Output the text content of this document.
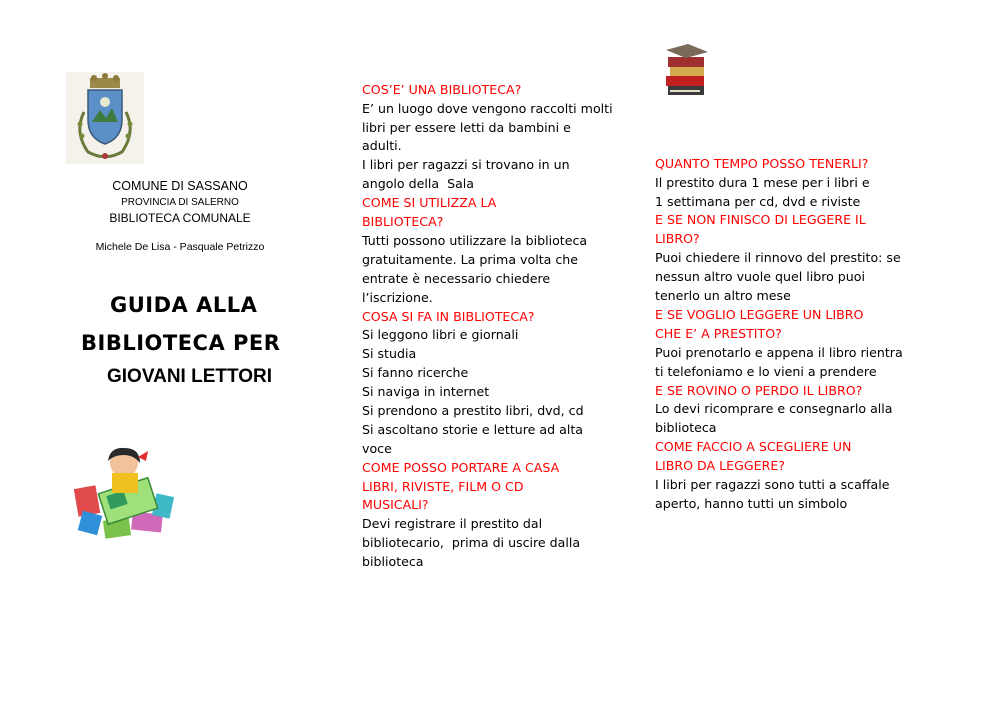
COMUNE DI SASSANO
PROVINCIA DI SALERNO
BIBLIOTECA COMUNALE
Michele De Lisa - Pasquale Petrizzo
GUIDA ALLA
BIBLIOTECA PER
GIOVANI LETTORI

COS’E’ UNA BIBLIOTECA?
E’ un luogo dove vengono raccolti molti
libri per essere letti da bambini e
adulti.
I libri per ragazzi si trovano in un
angolo della  Sala
COME SI UTILIZZA LA
BIBLIOTECA?
Tutti possono utilizzare la biblioteca
gratuitamente. La prima volta che
entrate è necessario chiedere
l’iscrizione.
COSA SI FA IN BIBLIOTECA?
Si leggono libri e giornali
Si studia
Si fanno ricerche
Si naviga in internet
Si prendono a prestito libri, dvd, cd
Si ascoltano storie e letture ad alta
voce
COME POSSO PORTARE A CASA
LIBRI, RIVISTE, FILM O CD
MUSICALI?
Devi registrare il prestito dal
bibliotecario,  prima di uscire dalla
biblioteca

QUANTO TEMPO POSSO TENERLI?
Il prestito dura 1 mese per i libri e
1 settimana per cd, dvd e riviste
E SE NON FINISCO DI LEGGERE IL
LIBRO?
Puoi chiedere il rinnovo del prestito: se
nessun altro vuole quel libro puoi
tenerlo un altro mese
E SE VOGLIO LEGGERE UN LIBRO
CHE E’ A PRESTITO?
Puoi prenotarlo e appena il libro rientra
ti telefoniamo e lo vieni a prendere
E SE ROVINO O PERDO IL LIBRO?
Lo devi ricomprare e consegnarlo alla
biblioteca
COME FACCIO A SCEGLIERE UN
LIBRO DA LEGGERE?
I libri per ragazzi sono tutti a scaffale
aperto, hanno tutti un simbolo
